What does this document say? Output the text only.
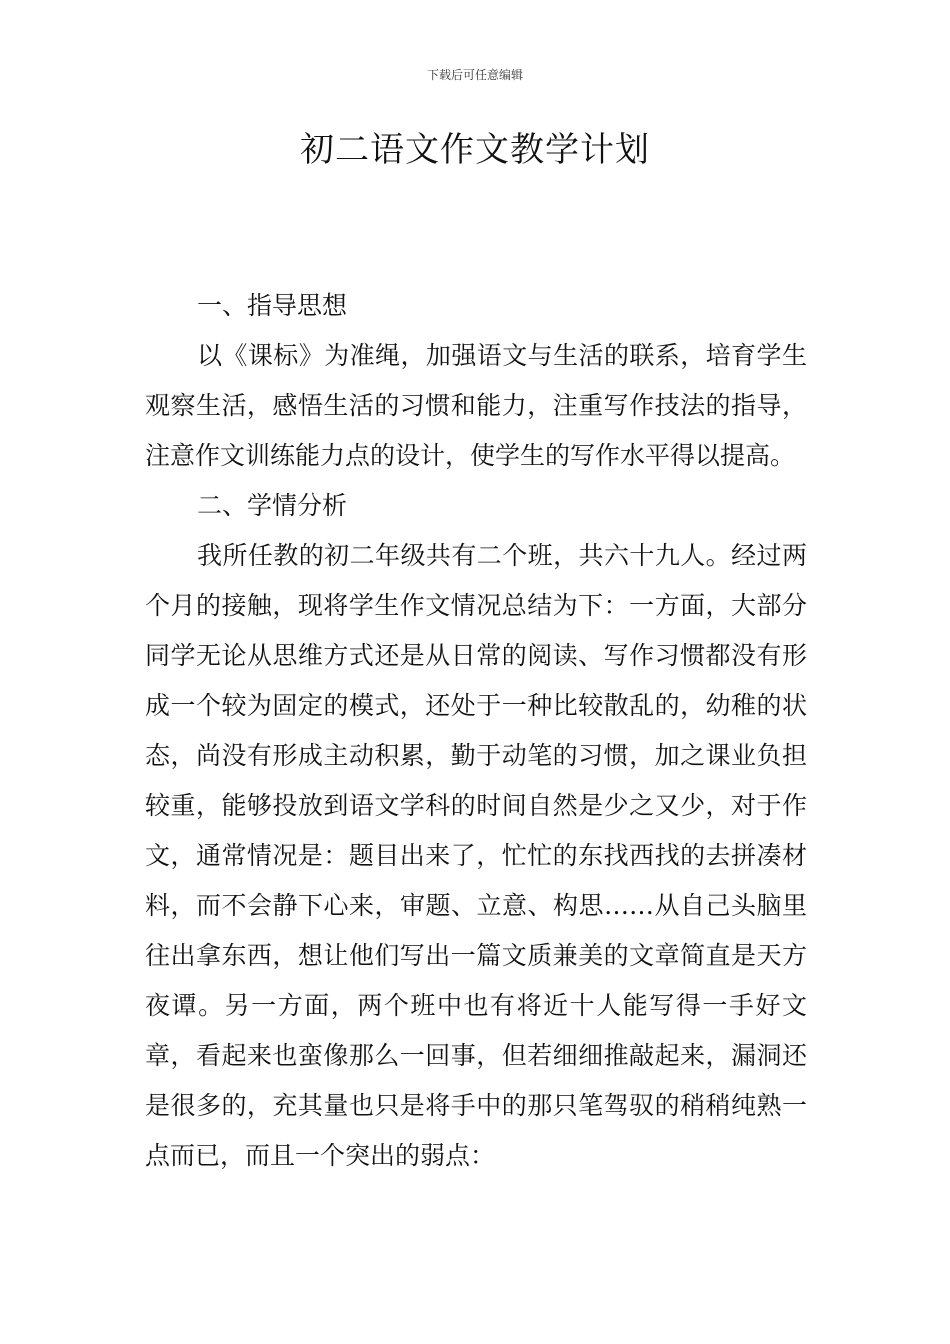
下载后可任意编辑
初二语文作文教学计划
一、指导思想

以《课标》为准绳，加强语文与生活的联系，培育学生观察生活，感悟生活的习惯和能力，注重写作技法的指导，注意作文训练能力点的设计，使学生的写作水平得以提高。

二、学情分析

我所任教的初二年级共有二个班，共六十九人。经过两个月的接触，现将学生作文情况总结为下：一方面，大部分同学无论从思维方式还是从日常的阅读、写作习惯都没有形成一个较为固定的模式，还处于一种比较散乱的，幼稚的状态，尚没有形成主动积累，勤于动笔的习惯，加之课业负担较重，能够投放到语文学科的时间自然是少之又少，对于作文，通常情况是：题目出来了，忙忙的东找西找的去拼凑材料，而不会静下心来，审题、立意、构思……从自己头脑里往出拿东西，想让他们写出一篇文质兼美的文章简直是天方夜谭。另一方面，两个班中也有将近十人能写得一手好文章，看起来也蛮像那么一回事，但若细细推敲起来，漏洞还是很多的，充其量也只是将手中的那只笔驾驭的稍稍纯熟一点而已，而且一个突出的弱点：
